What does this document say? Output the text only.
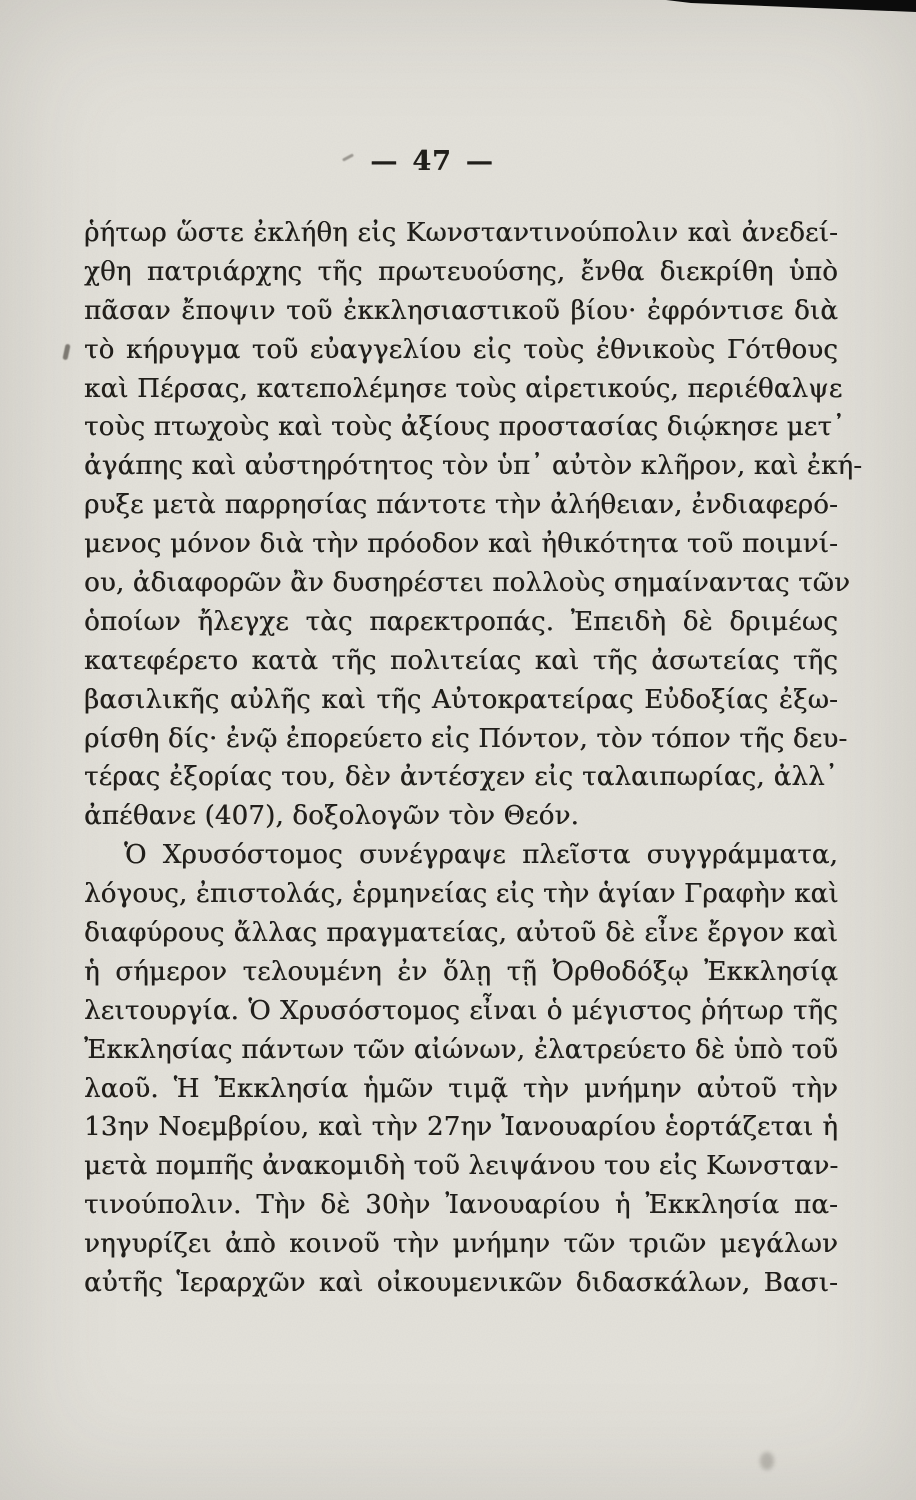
— 47 —
ῥήτωρ ὥστε ἐκλήθη εἰς Κωνσταντινούπολιν καὶ ἀνεδεί-
χθη πατριάρχης τῆς πρωτευούσης, ἔνθα διεκρίθη ὑπὸ
πᾶσαν ἔποψιν τοῦ ἐκκλησιαστικοῦ βίου· ἐφρόντισε διὰ
τὸ κήρυγμα τοῦ εὐαγγελίου εἰς τοὺς ἐθνικοὺς Γότθους
καὶ Πέρσας, κατεπολέμησε τοὺς αἱρετικούς, περιέθαλψε
τοὺς πτωχοὺς καὶ τοὺς ἀξίους προστασίας διῴκησε μετ᾽
ἀγάπης καὶ αὐστηρότητος τὸν ὑπ᾽ αὐτὸν κλῆρον, καὶ ἐκή-
ρυξε μετὰ παρρησίας πάντοτε τὴν ἀλήθειαν, ἐνδιαφερό-
μενος μόνον διὰ τὴν πρόοδον καὶ ἠθικότητα τοῦ ποιμνί-
ου, ἀδιαφορῶν ἂν δυσηρέστει πολλοὺς σημαίναντας τῶν
ὁποίων ἤλεγχε τὰς παρεκτροπάς. Ἐπειδὴ δὲ δριμέως
κατεφέρετο κατὰ τῆς πολιτείας καὶ τῆς ἀσωτείας τῆς
βασιλικῆς αὐλῆς καὶ τῆς Αὐτοκρατείρας Εὐδοξίας ἐξω-
ρίσθη δίς· ἐνῷ ἐπορεύετο εἰς Πόντον, τὸν τόπον τῆς δευ-
τέρας ἐξορίας του, δὲν ἀντέσχεν εἰς ταλαιπωρίας, ἀλλ᾽
ἀπέθανε (407), δοξολογῶν τὸν Θεόν.
Ὁ Χρυσόστομος συνέγραψε πλεῖστα συγγράμματα,
λόγους, ἐπιστολάς, ἑρμηνείας εἰς τὴν ἁγίαν Γραφὴν καὶ
διαφύρους ἄλλας πραγματείας, αὐτοῦ δὲ εἶνε ἔργον καὶ
ἡ σήμερον τελουμένη ἐν ὅλῃ τῇ Ὀρθοδόξῳ Ἐκκλησίᾳ
λειτουργία. Ὁ Χρυσόστομος εἶναι ὁ μέγιστος ῥήτωρ τῆς
Ἐκκλησίας πάντων τῶν αἰώνων, ἐλατρεύετο δὲ ὑπὸ τοῦ
λαοῦ. Ἡ Ἐκκλησία ἡμῶν τιμᾷ τὴν μνήμην αὐτοῦ τὴν
13ην Νοεμβρίου, καὶ τὴν 27ην Ἰανουαρίου ἑορτάζεται ἡ
μετὰ πομπῆς ἀνακομιδὴ τοῦ λειψάνου του εἰς Κωνσταν-
τινούπολιν. Τὴν δὲ 30ὴν Ἰανουαρίου ἡ Ἐκκλησία πα-
νηγυρίζει ἀπὸ κοινοῦ τὴν μνήμην τῶν τριῶν μεγάλων
αὐτῆς Ἱεραρχῶν καὶ οἰκουμενικῶν διδασκάλων, Βασι-
